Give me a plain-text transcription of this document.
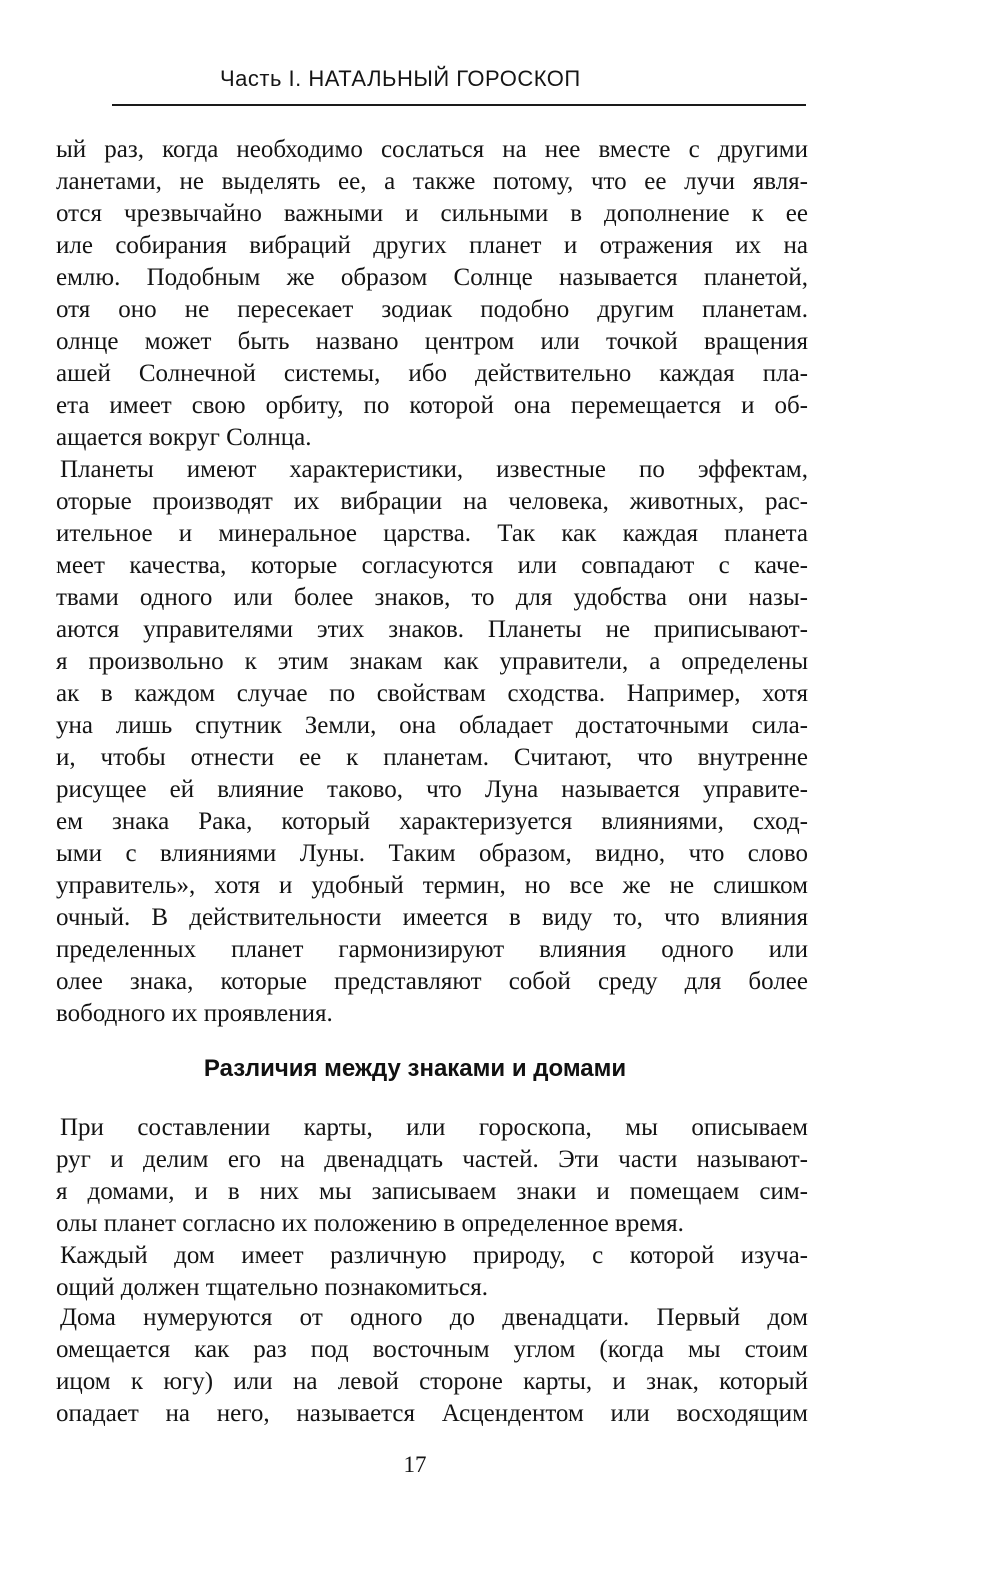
Часть I. НАТАЛЬНЫЙ ГОРОСКОП
ый раз, когда необходимо сослаться на нее вместе с другими
ланетами, не выделять ее, а также потому, что ее лучи явля-
отся чрезвычайно важными и сильными в дополнение к ее
иле собирания вибраций других планет и отражения их на
емлю. Подобным же образом Солнце называется планетой,
отя оно не пересекает зодиак подобно другим планетам.
олнце может быть названо центром или точкой вращения
ашей Солнечной системы, ибо действительно каждая пла-
ета имеет свою орбиту, по которой она перемещается и об-
ащается вокруг Солнца.
Планеты имеют характеристики, известные по эффектам,
оторые производят их вибрации на человека, животных, рас-
ительное и минеральное царства. Так как каждая планета
меет качества, которые согласуются или совпадают с каче-
твами одного или более знаков, то для удобства они назы-
аются управителями этих знаков. Планеты не приписывают-
я произвольно к этим знакам как управители, а определены
ак в каждом случае по свойствам сходства. Например, хотя
уна лишь спутник Земли, она обладает достаточными сила-
и, чтобы отнести ее к планетам. Считают, что внутренне
рисущее ей влияние таково, что Луна называется управите-
ем знака Рака, который характеризуется влияниями, сход-
ыми с влияниями Луны. Таким образом, видно, что слово
управитель», хотя и удобный термин, но все же не слишком
очный. В действительности имеется в виду то, что влияния
пределенных планет гармонизируют влияния одного или
олее знака, которые представляют собой среду для более
вободного их проявления.
Различия между знаками и домами
При составлении карты, или гороскопа, мы описываем
руг и делим его на двенадцать частей. Эти части называют-
я домами, и в них мы записываем знаки и помещаем сим-
олы планет согласно их положению в определенное время.
Каждый дом имеет различную природу, с которой изуча-
ощий должен тщательно познакомиться.
Дома нумеруются от одного до двенадцати. Первый дом
омещается как раз под восточным углом (когда мы стоим
ицом к югу) или на левой стороне карты, и знак, который
опадает на него, называется Асцендентом или восходящим
17
